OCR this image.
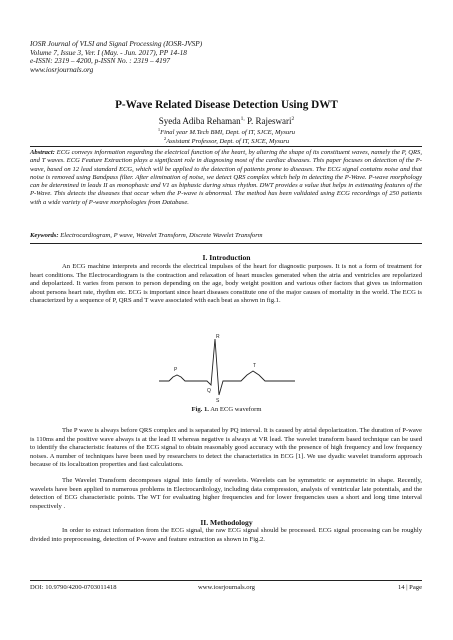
IOSR Journal of VLSI and Signal Processing (IOSR-JVSP)
Volume 7, Issue 3, Ver. I (May. - Jun. 2017), PP 14-18
e-ISSN: 2319 – 4200, p-ISSN No. : 2319 – 4197
www.iosrjournals.org
P-Wave Related Disease Detection Using DWT
Syeda Adiba Rehaman$^{1,}$ P. Rajeswari$^2$
$^1$Final year M.Tech BMI, Dept. of IT, SJCE, Mysuru
$^2$Assistant Professor, Dept. of IT, SJCE, Mysuru
Abstract: ECG conveys information regarding the electrical function of the heart, by altering the shape of its constituent waves, namely the P, QRS, and T waves. ECG Feature Extraction plays a significant role in diagnosing most of the cardiac diseases. This paper focuses on detection of the P-wave, based on 12 lead standard ECG, which will be applied to the detection of patients prone to diseases. The ECG signal contains noise and that noise is removed using Bandpass filter. After elimination of noise, we detect QRS complex which help in detecting the P-Wave. P-wave morphology can be determined in leads II as monophasic and V1 as biphasic during sinus rhythm. DWT provides a value that helps in estimating features of the P-Wave. This detects the diseases that occur when the P-wave is abnormal. The method has been validated using ECG recordings of 250 patients with a wide variety of P-wave morphologies from Database.
Keywords: Electrocardiogram, P wave, Wavelet Transform, Discrete Wavelet Transform
I. Introduction
An ECG machine interprets and records the electrical impulses of the heart for diagnostic purposes. It is not a form of treatment for heart conditions. The Electrocardiogram is the contraction and relaxation of heart muscles generated when the atria and ventricles are repolarized and depolarized. It varies from person to person depending on the age, body weight position and various other factors that gives us information about persons heart rate, rhythm etc. ECG is important since heart diseases constitute one of the major causes of mortality in the world. The ECG is characterized by a sequence of P, QRS and T wave associated with each beat as shown in fig.1.
R
P
Q
S
T
Fig. 1. An ECG waveform
The P wave is always before QRS complex and is separated by PQ interval. It is caused by atrial depolarization. The duration of P-wave is 110ms and the positive wave always is at the lead II whereas negative is always at VR lead. The wavelet transform based technique can be used to identify the characteristic features of the ECG signal to obtain reasonably good accuracy with the presence of high frequency and low frequency noises. A number of techniques have been used by researchers to detect the characteristics in ECG [1]. We use dyadic wavelet transform approach because of its localization properties and fast calculations.
The Wavelet Transform decomposes signal into family of wavelets. Wavelets can be symmetric or asymmetric in shape. Recently, wavelets have been applied to numerous problems in Electrocardiology, including data compression, analysis of ventricular late potentials, and the detection of ECG characteristic points. The WT for evaluating higher frequencies and for lower frequencies uses a short and long time interval respectively .
II. Methodology
In order to extract information from the ECG signal, the raw ECG signal should be processed. ECG signal processing can be roughly divided into preprocessing, detection of P-wave and feature extraction as shown in Fig.2.
DOI: 10.9790/4200-0703011418	www.iosrjournals.org	14 | Page
